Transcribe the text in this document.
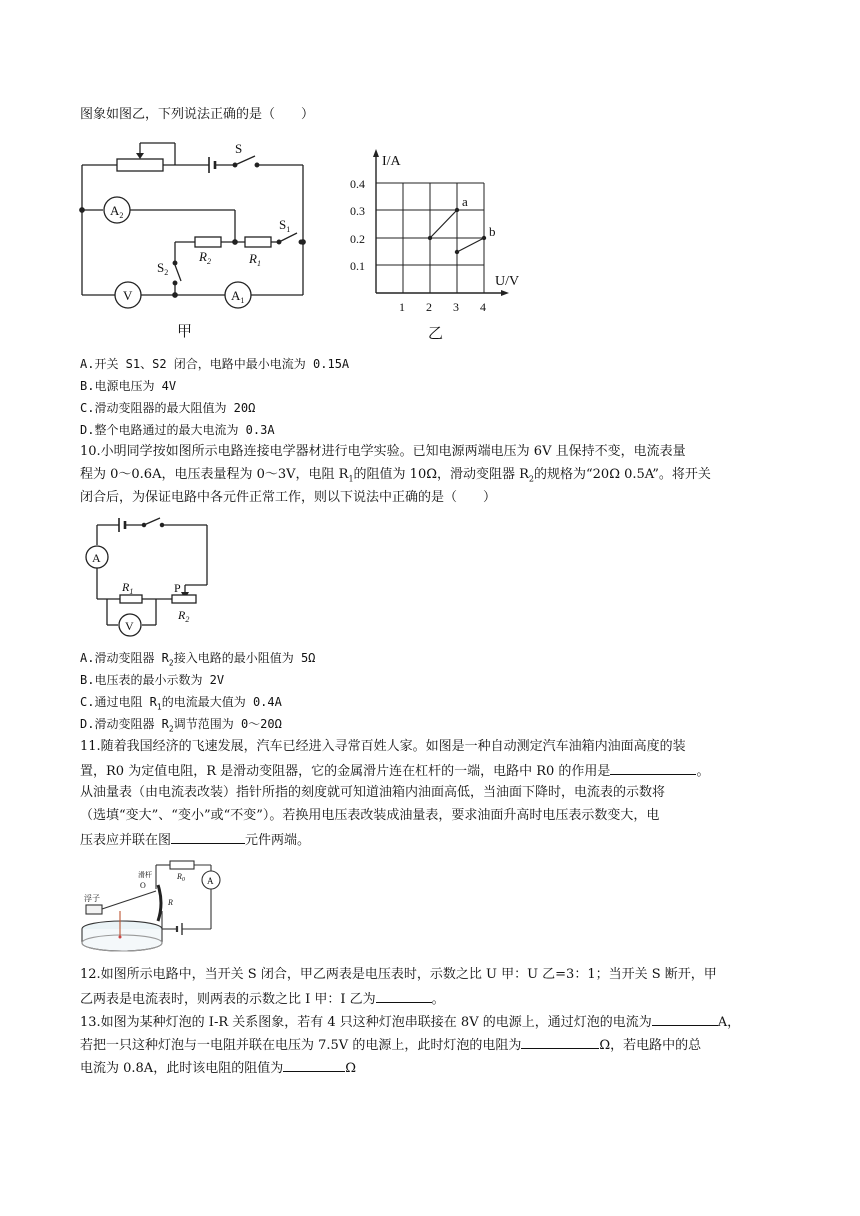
图象如图乙，下列说法正确的是（　　）
S
$A_2$
$S_1$
$R_2$	$R_1$
$S_2$
V	$A_1$
甲
I/A
U/V
0.4
0.3
0.2
0.1
1 2 3 4
a
b
乙
A.开关 S1、S2 闭合，电路中最小电流为 0.15A
B.电源电压为 4V
C.滑动变阻器的最大阻值为 20Ω
D.整个电路通过的最大电流为 0.3A
10.小明同学按如图所示电路连接电学器材进行电学实验。已知电源两端电压为 6V 且保持不变，电流表量
程为 0～0.6A，电压表量程为 0～3V，电阻 $R_1$的阻值为 10Ω，滑动变阻器 $R_2$的规格为“20Ω 0.5A”。将开关
闭合后，为保证电路中各元件正常工作，则以下说法中正确的是（　　）
A
P
$R_1$
$R_2$
V
A.滑动变阻器 $R_2$接入电路的最小阻值为 5Ω
B.电压表的最小示数为 2V
C.通过电阻 $R_1$的电流最大值为 0.4A
D.滑动变阻器 $R_2$调节范围为 0～20Ω
11.随着我国经济的飞速发展，汽车已经进入寻常百姓人家。如图是一种自动测定汽车油箱内油面高度的装
置，R0 为定值电阻，R 是滑动变阻器，它的金属滑片连在杠杆的一端，电路中 R0 的作用是	。
从油量表（由电流表改装）指针所指的刻度就可知道油箱内油面高低，当油面下降时，电流表的示数将
（选填“变大”、“变小”或“不变”）。若换用电压表改装成油量表，要求油面升高时电压表示数变大，电
压表应并联在图	元件两端。
浮子
O
R
滑杆	$R_0$ A
12.如图所示电路中，当开关 S 闭合，甲乙两表是电压表时，示数之比 U 甲：U 乙=3：1；当开关 S 断开，甲
乙两表是电流表时，则两表的示数之比 I 甲：I 乙为	。
13.如图为某种灯泡的 I-R 关系图象，若有 4 只这种灯泡串联接在 8V 的电源上，通过灯泡的电流为	A，
若把一只这种灯泡与一电阻并联在电压为 7.5V 的电源上，此时灯泡的电阻为	Ω，若电路中的总
电流为 0.8A，此时该电阻的阻值为	Ω
